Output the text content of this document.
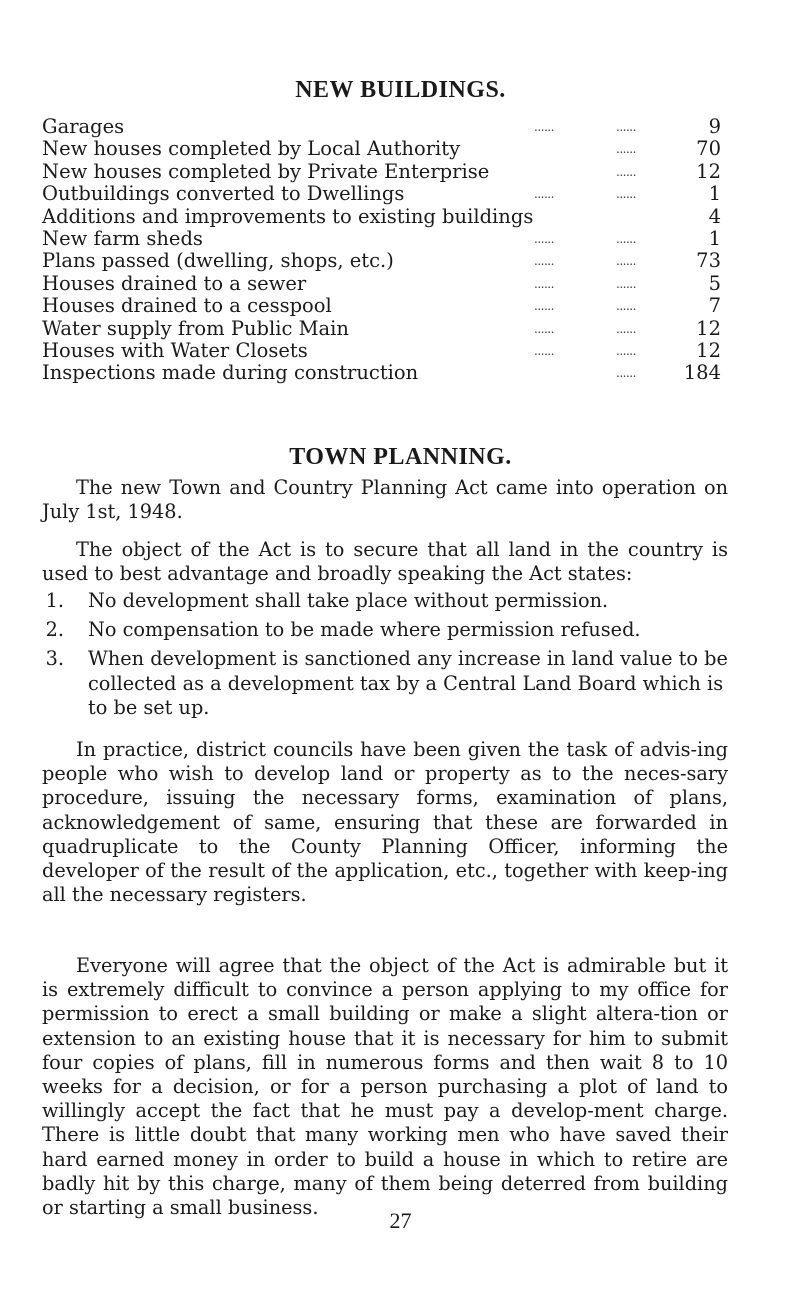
NEW BUILDINGS.
Garages	......	......	9
New houses completed by Local Authority	......	70
New houses completed by Private Enterprise	......	12
Outbuildings converted to Dwellings	......	......	1
Additions and improvements to existing buildings	4
New farm sheds	......	......	1
Plans passed (dwelling, shops, etc.)	......	......	73
Houses drained to a sewer	......	......	5
Houses drained to a cesspool	......	......	7
Water supply from Public Main	......	......	12
Houses with Water Closets	......	......	12
Inspections made during construction	...... 184
TOWN PLANNING.
The new Town and Country Planning Act came into operation on July 1st, 1948.
The object of the Act is to secure that all land in the country is used to best advantage and broadly speaking the Act states:
1. No development shall take place without permission.
2. No compensation to be made where permission refused.
3. When development is sanctioned any increase in land value to be collected as a development tax by a Central Land Board which is to be set up.
In practice, district councils have been given the task of advis-ing people who wish to develop land or property as to the neces-sary procedure, issuing the necessary forms, examination of plans, acknowledgement of same, ensuring that these are forwarded in quadruplicate to the County Planning Officer, informing the developer of the result of the application, etc., together with keep-ing all the necessary registers.
Everyone will agree that the object of the Act is admirable but it is extremely difficult to convince a person applying to my office for permission to erect a small building or make a slight altera-tion or extension to an existing house that it is necessary for him to submit four copies of plans, fill in numerous forms and then wait 8 to 10 weeks for a decision, or for a person purchasing a plot of land to willingly accept the fact that he must pay a develop-ment charge. There is little doubt that many working men who have saved their hard earned money in order to build a house in which to retire are badly hit by this charge, many of them being deterred from building or starting a small business.
27
